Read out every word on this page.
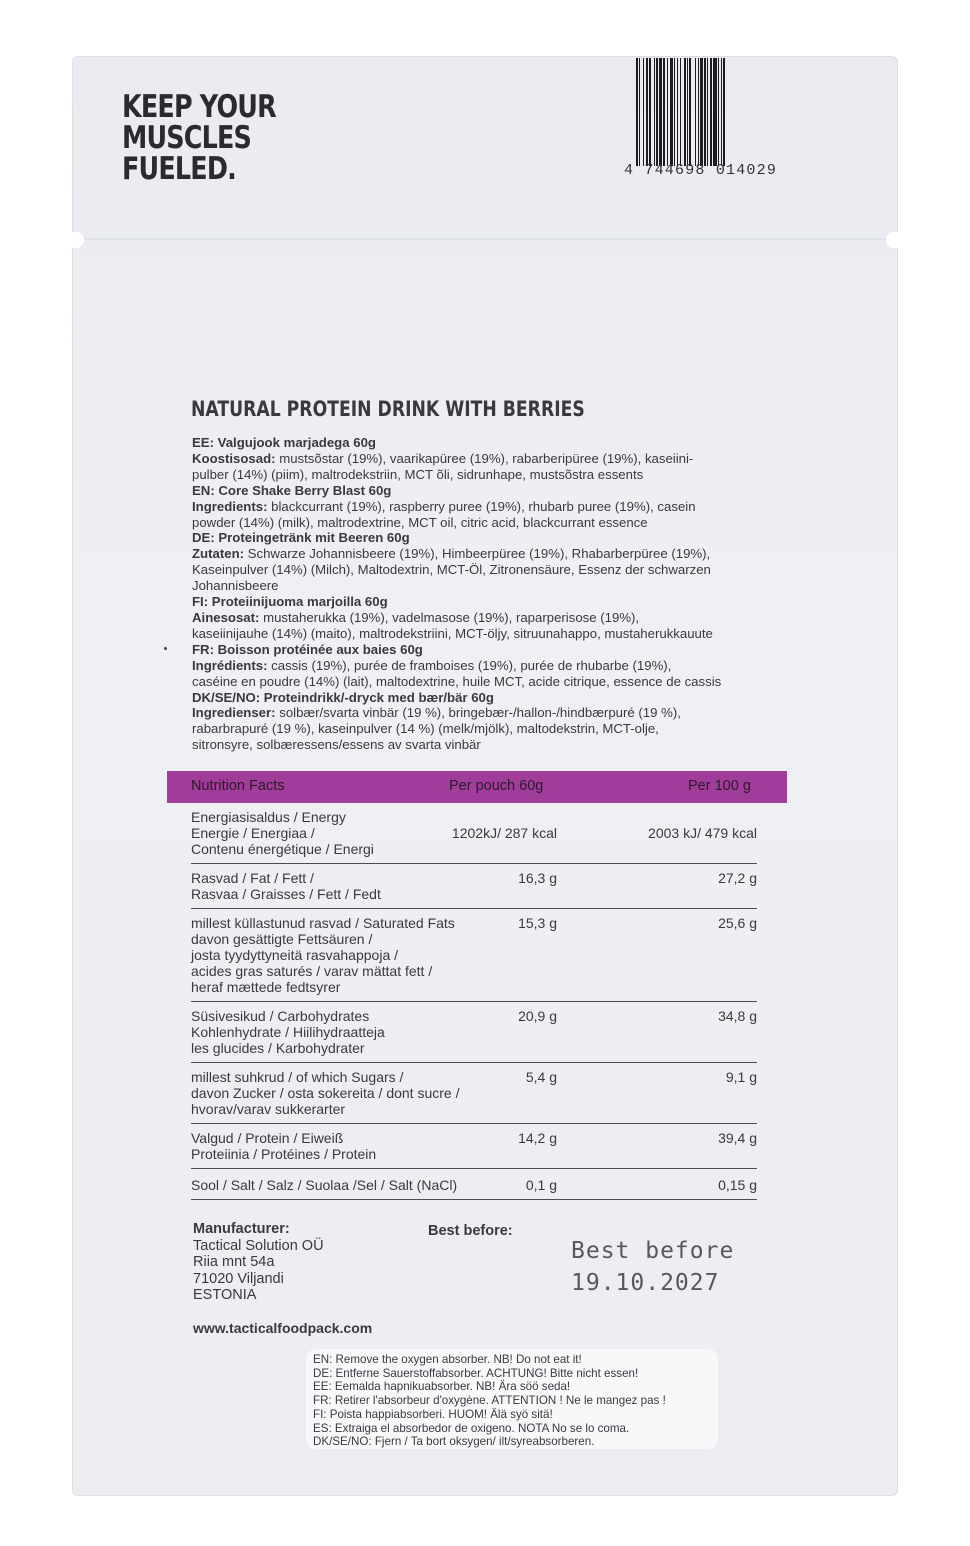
KEEP YOUR
MUSCLES
FUELED.	4 744698 014029
NATURAL PROTEIN DRINK WITH BERRIES
EE: Valgujook marjadega 60g
Koostisosad: mustsõstar (19%), vaarikapüree (19%), rabarberipüree (19%), kaseiini-
pulber (14%) (piim), maltrodekstriin, MCT õli, sidrunhape, mustsõstra essents
EN: Core Shake Berry Blast 60g
Ingredients: blackcurrant (19%), raspberry puree (19%), rhubarb puree (19%), casein
powder (14%) (milk), maltrodextrine, MCT oil, citric acid, blackcurrant essence
DE: Proteingetränk mit Beeren 60g
Zutaten: Schwarze Johannisbeere (19%), Himbeerpüree (19%), Rhabarberpüree (19%),
Kaseinpulver (14%) (Milch), Maltodextrin, MCT-Öl, Zitronensäure, Essenz der schwarzen
Johannisbeere
FI: Proteiinijuoma marjoilla 60g
Ainesosat: mustaherukka (19%), vadelmasose (19%), raparperisose (19%),
kaseiinijauhe (14%) (maito), maltrodekstriini, MCT-öljy, sitruunahappo, mustaherukkauute
FR: Boisson protéinée aux baies 60g
Ingrédients: cassis (19%), purée de framboises (19%), purée de rhubarbe (19%),
caséine en poudre (14%) (lait), maltodextrine, huile MCT, acide citrique, essence de cassis
DK/SE/NO: Proteindrikk/-dryck med bær/bär 60g
Ingredienser: solbær/svarta vinbär (19 %), bringebær-/hallon-/hindbærpuré (19 %),
rabarbrapuré (19 %), kaseinpulver (14 %) (melk/mjölk), maltodekstrin, MCT-olje,
sitronsyre, solbæressens/essens av svarta vinbär
Nutrition Facts	Per pouch 60g	Per 100 g
Energiasisaldus / Energy
Energie / Energiaa /
Contenu énergétique / Energi
1202kJ/ 287 kcal	2003 kJ/ 479 kcal
Rasvad / Fat / Fett /
Rasvaa / Graisses / Fett / Fedt
16,3 g	27,2 g
millest küllastunud rasvad / Saturated Fats
davon gesättigte Fettsäuren /
josta tyydyttyneitä rasvahappoja /
acides gras saturés / varav mättat fett /
heraf mættede fedtsyrer
15,3 g	25,6 g
Süsivesikud / Carbohydrates
Kohlenhydrate / Hiilihydraatteja
les glucides / Karbohydrater
20,9 g	34,8 g
millest suhkrud / of which Sugars /
davon Zucker / osta sokereita / dont sucre /
hvorav/varav sukkerarter
5,4 g	9,1 g
Valgud / Protein / Eiweiß
Proteiinia / Protéines / Protein
14,2 g	39,4 g
Sool / Salt / Salz / Suolaa /Sel / Salt (NaCl)	0,1 g	0,15 g
Manufacturer:
Tactical Solution OÜ
Riia mnt 54a
71020 Viljandi
ESTONIA
Best before:
Best before
19.10.2027
www.tacticalfoodpack.com
EN: Remove the oxygen absorber. NB! Do not eat it!
DE: Entferne Sauerstoffabsorber. ACHTUNG! Bitte nicht essen!
EE: Eemalda hapnikuabsorber. NB! Ära söö seda!
FR: Retirer l'absorbeur d'oxygène. ATTENTION ! Ne le mangez pas !
FI: Poista happiabsorberi. HUOM! Älä syö sitä!
ES: Extraiga el absorbedor de oxigeno. NOTA No se lo coma.
DK/SE/NO: Fjern / Ta bort oksygen/ ilt/syreabsorberen.
